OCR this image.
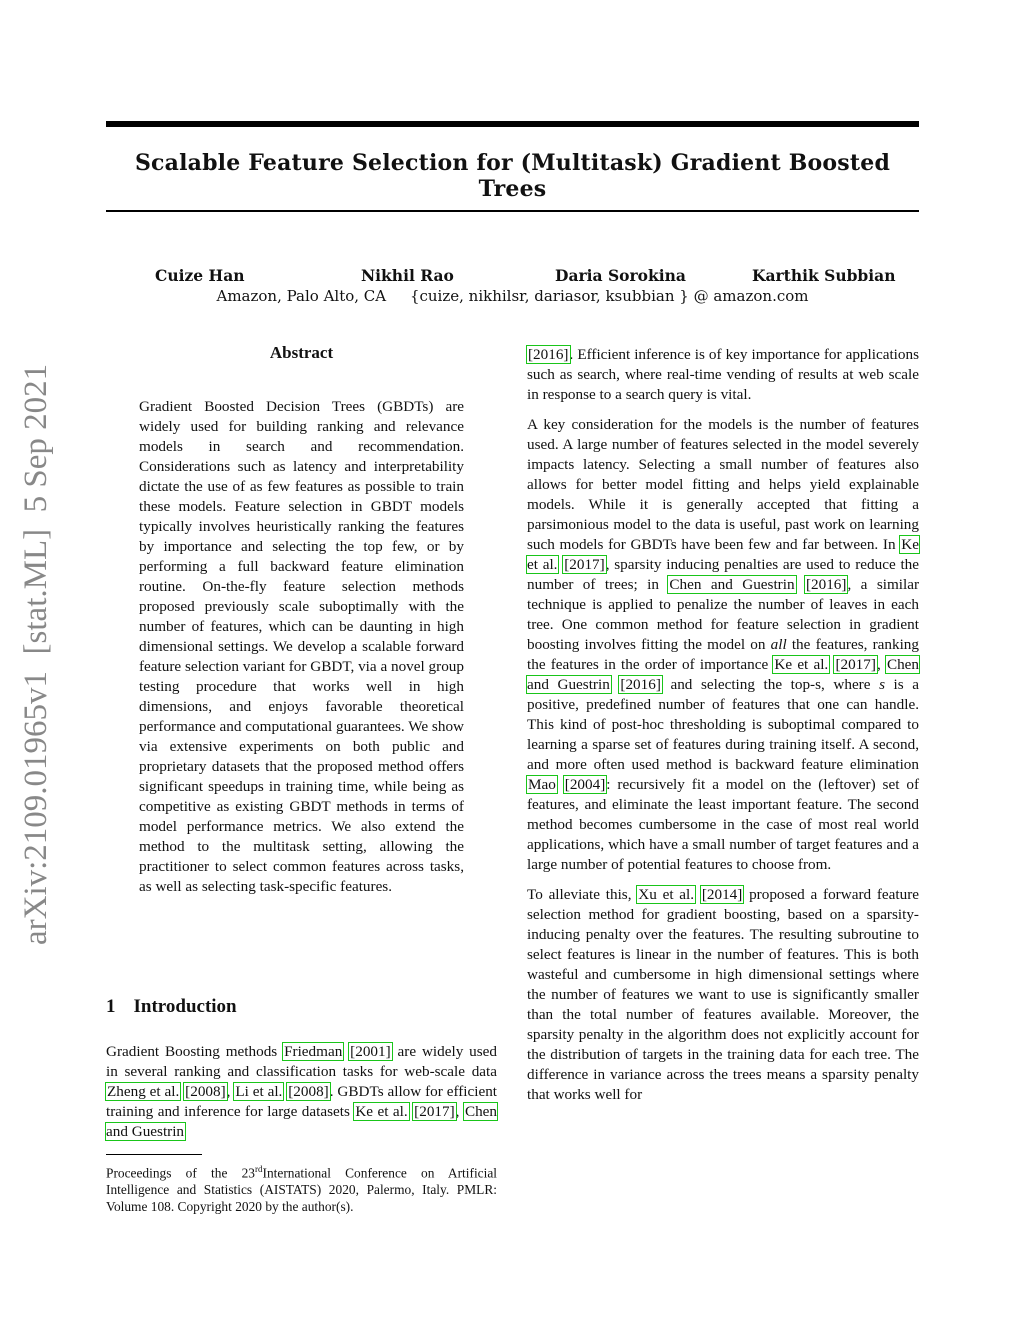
Scalable Feature Selection for (Multitask) Gradient Boosted Trees
Cuize Han	Nikhil Rao	Daria Sorokina	Karthik Subbian
Amazon, Palo Alto, CA     {cuize, nikhilsr, dariasor, ksubbian } @ amazon.com
arXiv:2109.01965v1  [stat.ML]  5 Sep 2021
Abstract

Gradient Boosted Decision Trees (GBDTs) are widely used for building ranking and relevance models in search and recommendation. Considerations such as latency and interpretability dictate the use of as few features as possible to train these models. Feature selection in GBDT models typically involves heuristically ranking the features by importance and selecting the top few, or by performing a full backward feature elimination routine. On-the-fly feature selection methods proposed previously scale suboptimally with the number of features, which can be daunting in high dimensional settings. We develop a scalable forward feature selection variant for GBDT, via a novel group testing procedure that works well in high dimensions, and enjoys favorable theoretical performance and computational guarantees. We show via extensive experiments on both public and proprietary datasets that the proposed method offers significant speedups in training time, while being as competitive as existing GBDT methods in terms of model performance metrics. We also extend the method to the multitask setting, allowing the practitioner to select common features across tasks, as well as selecting task-specific features.

1 Introduction

Gradient Boosting methods Friedman [2001] are widely used in several ranking and classification tasks for web-scale data Zheng et al. [2008], Li et al. [2008]. GBDTs allow for efficient training and inference for large datasets Ke et al. [2017], Chen and Guestrin

Proceedings of the 23rdInternational Conference on Artificial Intelligence and Statistics (AISTATS) 2020, Palermo, Italy. PMLR: Volume 108. Copyright 2020 by the author(s).

[2016]. Efficient inference is of key importance for applications such as search, where real-time vending of results at web scale in response to a search query is vital.

A key consideration for the models is the number of features used. A large number of features selected in the model severely impacts latency. Selecting a small number of features also allows for better model fitting and helps yield explainable models. While it is generally accepted that fitting a parsimonious model to the data is useful, past work on learning such models for GBDTs have been few and far between. In Ke et al. [2017], sparsity inducing penalties are used to reduce the number of trees; in Chen and Guestrin [2016], a similar technique is applied to penalize the number of leaves in each tree. One common method for feature selection in gradient boosting involves fitting the model on all the features, ranking the features in the order of importance Ke et al. [2017], Chen and Guestrin [2016] and selecting the top-s, where s is a positive, predefined number of features that one can handle. This kind of post-hoc thresholding is suboptimal compared to learning a sparse set of features during training itself. A second, and more often used method is backward feature elimination Mao [2004]: recursively fit a model on the (leftover) set of features, and eliminate the least important feature. The second method becomes cumbersome in the case of most real world applications, which have a small number of target features and a large number of potential features to choose from.

To alleviate this, Xu et al. [2014] proposed a forward feature selection method for gradient boosting, based on a sparsity-inducing penalty over the features. The resulting subroutine to select features is linear in the number of features. This is both wasteful and cumbersome in high dimensional settings where the number of features we want to use is significantly smaller than the total number of features available. Moreover, the sparsity penalty in the algorithm does not explicitly account for the distribution of targets in the training data for each tree. The difference in variance across the trees means a sparsity penalty that works well for
